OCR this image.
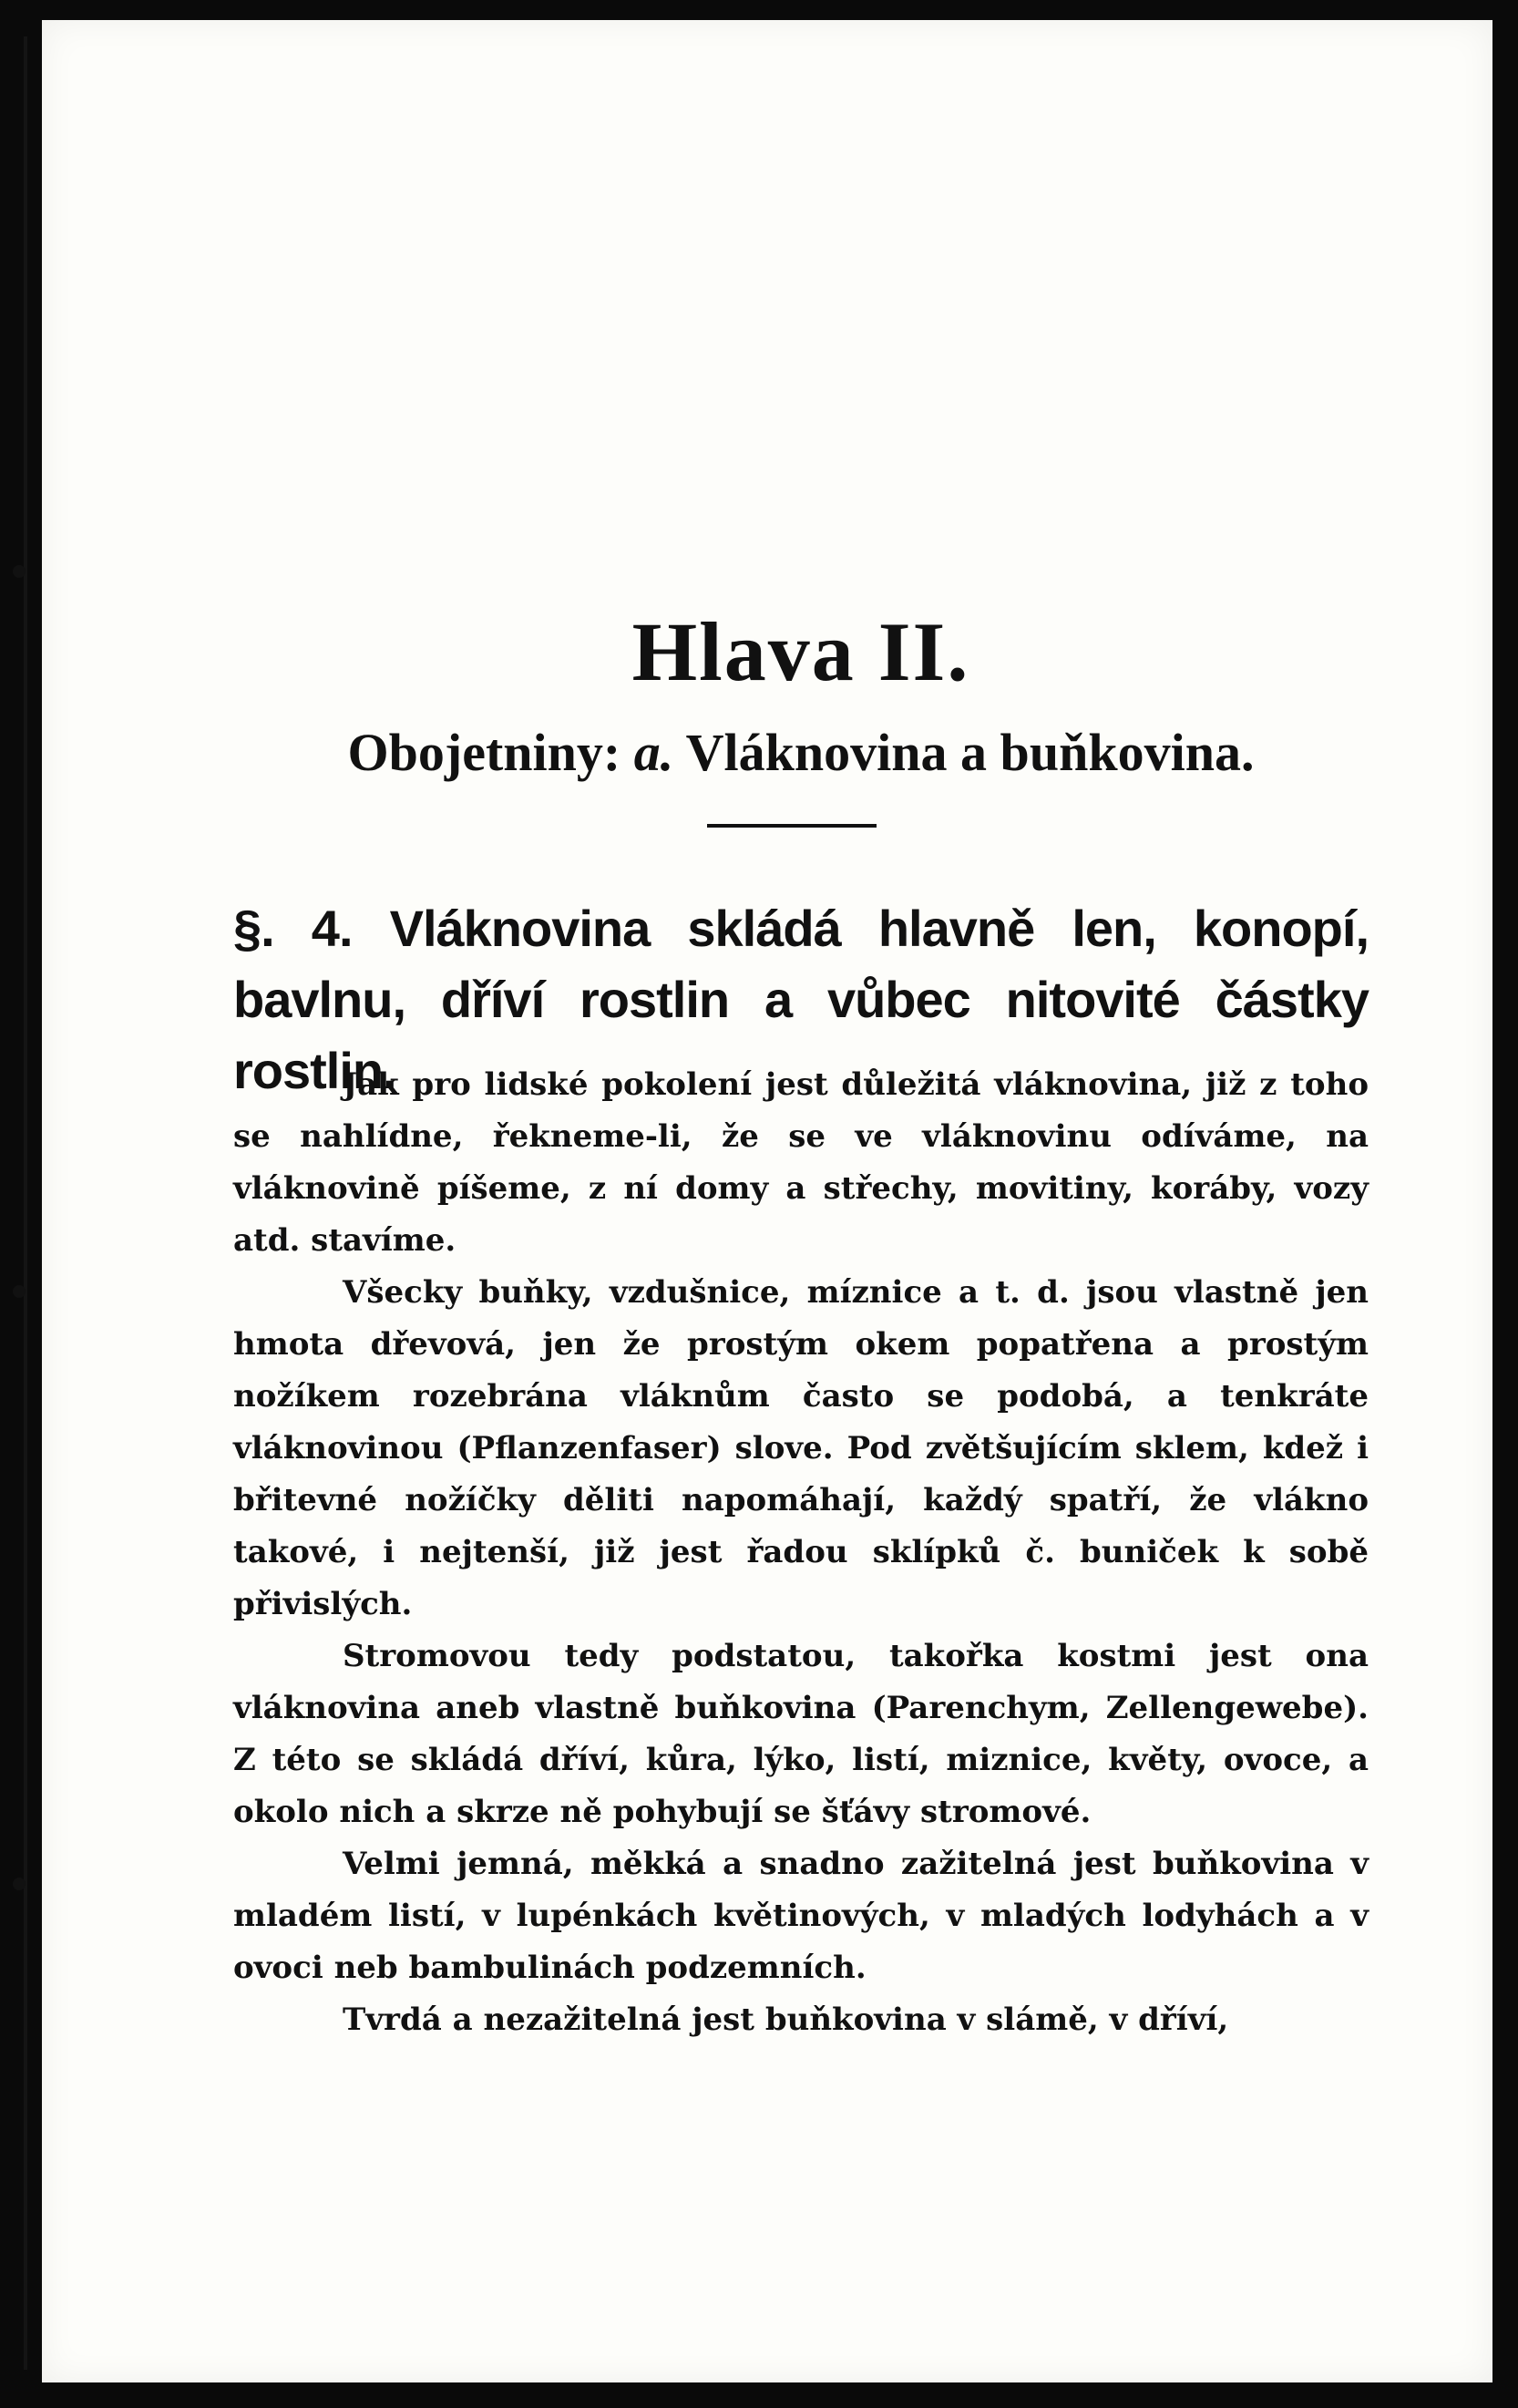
Hlava II.
Obojetniny: a. Vláknovina a buňkovina.

§. 4. Vláknovina skládá hlavně len, konopí, bavlnu, dříví rostlin a vůbec nitovité částky rostlin.

Jak pro lidské pokolení jest důležitá vláknovina, již z toho se nahlídne, řekneme-li, že se ve vláknovinu odíváme, na vláknovině píšeme, z ní domy a střechy, movitiny, koráby, vozy atd. stavíme.

Všecky buňky, vzdušnice, míznice a t. d. jsou vlastně jen hmota dřevová, jen že prostým okem popatřena a prostým nožíkem rozebrána vláknům často se podobá, a tenkráte vláknovinou (Pflanzenfaser) slove. Pod zvětšujícím sklem, kdež i břitevné nožíčky děliti napomáhají, každý spatří, že vlákno takové, i nejtenší, již jest řadou sklípků č. buniček k sobě přivislých.

Stromovou tedy podstatou, takořka kostmi jest ona vláknovina aneb vlastně buňkovina (Parenchym, Zellengewebe). Z této se skládá dříví, kůra, lýko, listí, miznice, květy, ovoce, a okolo nich a skrze ně pohybují se šťávy stromové.

Velmi jemná, měkká a snadno zažitelná jest buňkovina v mladém listí, v lupénkách květinových, v mladých lodyhách a v ovoci neb bambulinách podzemních.

Tvrdá a nezažitelná jest buňkovina v slámě, v dříví,
